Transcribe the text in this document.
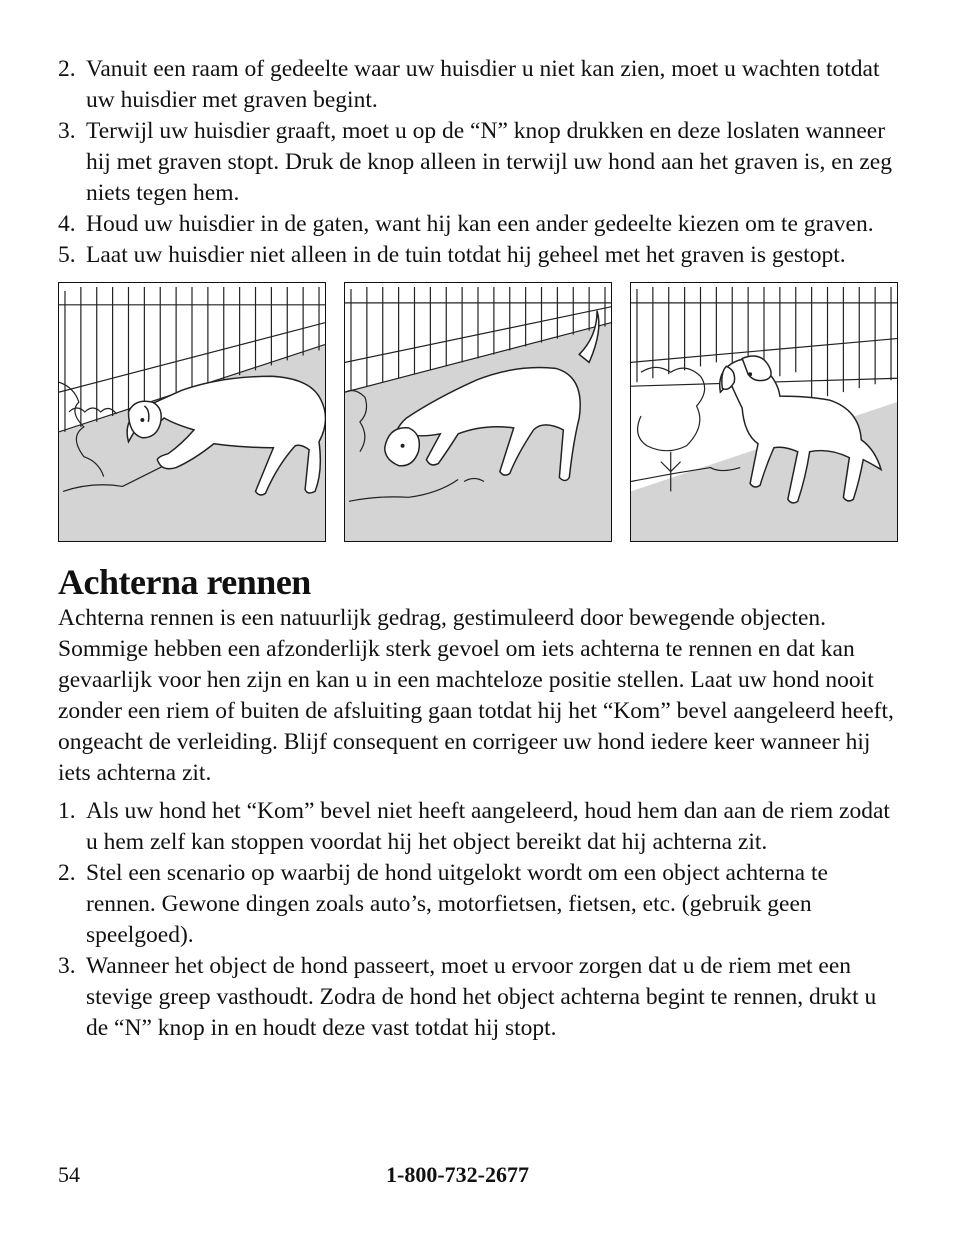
2. Vanuit een raam of gedeelte waar uw huisdier u niet kan zien, moet u wachten totdat uw huisdier met graven begint.
3. Terwijl uw huisdier graaft, moet u op de “N” knop drukken en deze loslaten wanneer hij met graven stopt. Druk de knop alleen in terwijl uw hond aan het graven is, en zeg niets tegen hem.
4. Houd uw huisdier in de gaten, want hij kan een ander gedeelte kiezen om te graven.
5. Laat uw huisdier niet alleen in de tuin totdat hij geheel met het graven is gestopt.
Achterna rennen

Achterna rennen is een natuurlijk gedrag, gestimuleerd door bewegende objecten. Sommige hebben een afzonderlijk sterk gevoel om iets achterna te rennen en dat kan gevaarlijk voor hen zijn en kan u in een machteloze positie stellen. Laat uw hond nooit zonder een riem of buiten de afsluiting gaan totdat hij het “Kom” bevel aangeleerd heeft, ongeacht de verleiding. Blijf consequent en corrigeer uw hond iedere keer wanneer hij iets achterna zit.

1. Als uw hond het “Kom” bevel niet heeft aangeleerd, houd hem dan aan de riem zodat u hem zelf kan stoppen voordat hij het object bereikt dat hij achterna zit.
2. Stel een scenario op waarbij de hond uitgelokt wordt om een object achterna te rennen. Gewone dingen zoals auto’s, motorfietsen, fietsen, etc. (gebruik geen speelgoed).
3. Wanneer het object de hond passeert, moet u ervoor zorgen dat u de riem met een stevige greep vasthoudt. Zodra de hond het object achterna begint te rennen, drukt u de “N” knop in en houdt deze vast totdat hij stopt.
54	1-800-732-2677
